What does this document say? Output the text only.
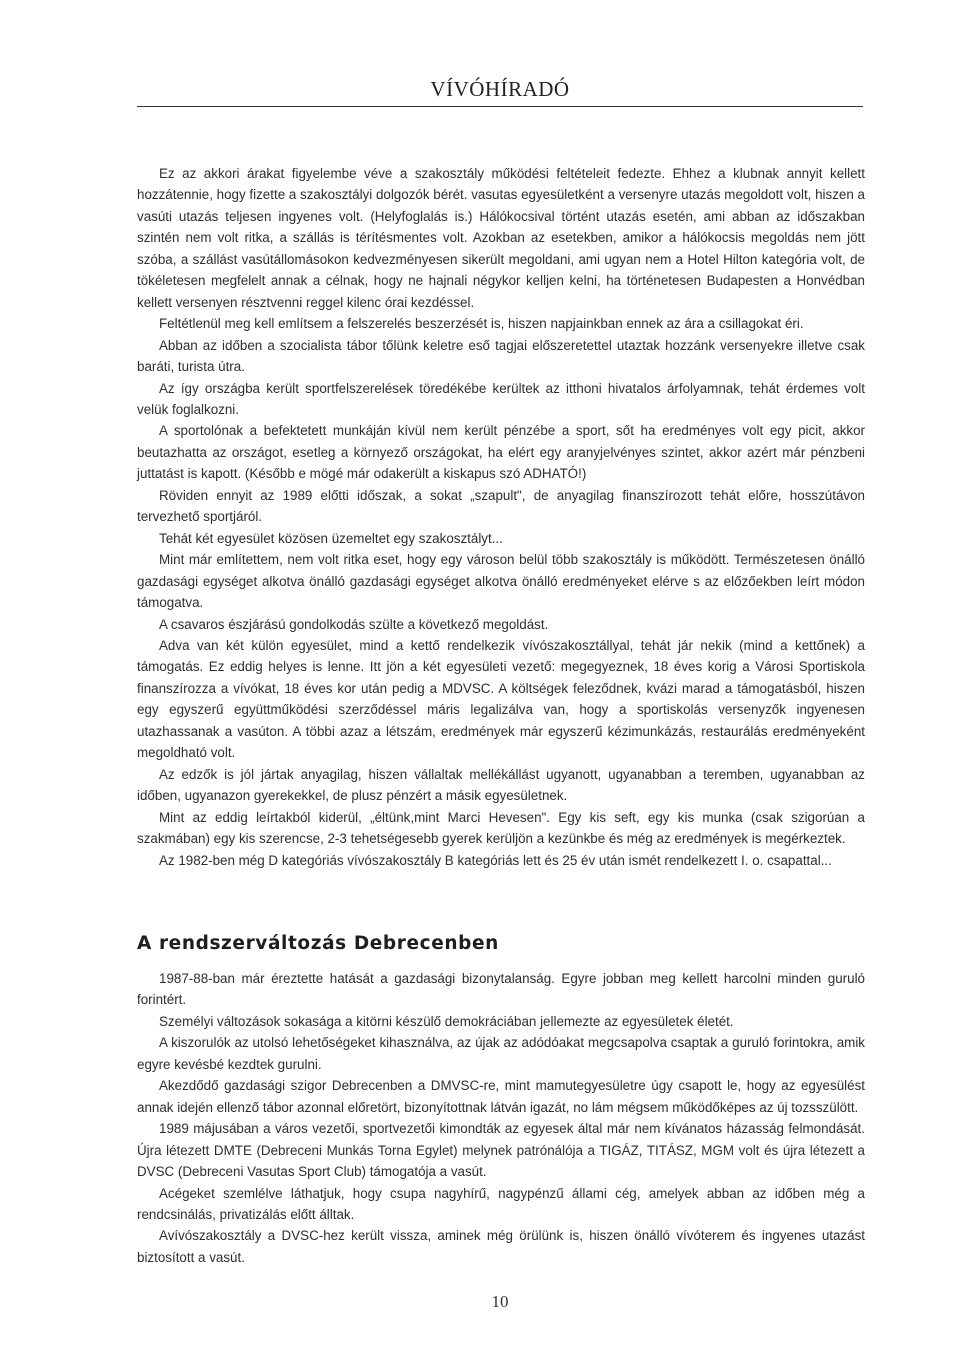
VÍVÓHÍRADÓ

Ez az akkori árakat figyelembe véve a szakosztály működési feltételeit fedezte. Ehhez a klubnak annyit kellett hozzátennie, hogy fizette a szakosztályi dolgozók bérét. vasutas egyesületként a versenyre utazás megoldott volt, hiszen a vasúti utazás teljesen ingyenes volt. (Helyfoglalás is.) Hálókocsival történt utazás esetén, ami abban az időszakban szintén nem volt ritka, a szállás is térítésmentes volt. Azokban az esetekben, amikor a hálókocsis megoldás nem jött szóba, a szállást vasútállomásokon kedvezményesen sikerült megoldani, ami ugyan nem a Hotel Hilton kategória volt, de tökéletesen megfelelt annak a célnak, hogy ne hajnali négykor kelljen kelni, ha történetesen Budapesten a Honvédban kellett versenyen résztvenni reggel kilenc órai kezdéssel.

Feltétlenül meg kell említsem a felszerelés beszerzését is, hiszen napjainkban ennek az ára a csillagokat éri.

Abban az időben a szocialista tábor tőlünk keletre eső tagjai előszeretettel utaztak hozzánk versenyekre illetve csak baráti, turista útra.

Az így országba került sportfelszerelések töredékébe kerültek az itthoni hivatalos árfolyamnak, tehát érdemes volt velük foglalkozni.

A sportolónak a befektetett munkáján kívül nem került pénzébe a sport, sőt ha eredményes volt egy picit, akkor beutazhatta az országot, esetleg a környező országokat, ha elért egy aranyjelvényes szintet, akkor azért már pénzbeni juttatást is kapott. (Később e mögé már odakerült a kiskapus szó ADHATÓ!)

Röviden ennyit az 1989 előtti időszak, a sokat „szapult", de anyagilag finanszírozott tehát előre, hosszútávon tervezhető sportjáról.

Tehát két egyesület közösen üzemeltet egy szakosztályt...

Mint már említettem, nem volt ritka eset, hogy egy városon belül több szakosztály is működött. Természetesen önálló gazdasági egységet alkotva önálló gazdasági egységet alkotva önálló eredményeket elérve s az előzőekben leírt módon támogatva.

A csavaros észjárású gondolkodás szülte a következő megoldást.

Adva van két külön egyesület, mind a kettő rendelkezik vívószakosztállyal, tehát jár nekik (mind a kettőnek) a támogatás. Ez eddig helyes is lenne. Itt jön a két egyesületi vezető: megegyeznek, 18 éves korig a Városi Sportiskola finanszírozza a vívókat, 18 éves kor után pedig a MDVSC. A költségek feleződnek, kvázi marad a támogatásból, hiszen egy egyszerű együttműködési szerződéssel máris legalizálva van, hogy a sportiskolás versenyzők ingyenesen utazhassanak a vasúton. A többi azaz a létszám, eredmények már egyszerű kézimunkázás, restaurálás eredményeként megoldható volt.

Az edzők is jól jártak anyagilag, hiszen vállaltak mellékállást ugyanott, ugyanabban a teremben, ugyanabban az időben, ugyanazon gyerekekkel, de plusz pénzért a másik egyesületnek.

Mint az eddig leírtakból kiderül, „éltünk,mint Marci Hevesen". Egy kis seft, egy kis munka (csak szigorúan a szakmában) egy kis szerencse, 2-3 tehetségesebb gyerek kerüljön a kezünkbe és még az eredmények is megérkeztek.

Az 1982-ben még D kategóriás vívószakosztály B kategóriás lett és 25 év után ismét rendelkezett I. o. csapattal...

A rendszerváltozás Debrecenben

1987-88-ban már éreztette hatását a gazdasági bizonytalanság. Egyre jobban meg kellett harcolni minden guruló forintért.

Személyi változások sokasága a kitörni készülő demokráciában jellemezte az egyesületek életét.

A kiszorulók az utolsó lehetőségeket kihasználva, az újak az adódóakat megcsapolva csaptak a guruló forintokra, amik egyre kevésbé kezdtek gurulni.

Akezdődő gazdasági szigor Debrecenben a DMVSC-re, mint mamutegyesületre úgy csapott le, hogy az egyesülést annak idején ellenző tábor azonnal előretört, bizonyítottnak látván igazát, no lám mégsem működőképes az új tozsszülött.

1989 májusában a város vezetői, sportvezetői kimondták az egyesek által már nem kívánatos házasság felmondását. Újra létezett DMTE (Debreceni Munkás Torna Egylet) melynek patrónálója a TIGÁZ, TITÁSZ, MGM volt és újra létezett a DVSC (Debreceni Vasutas Sport Club) támogatója a vasút.

Acégeket szemlélve láthatjuk, hogy csupa nagyhírű, nagypénzű állami cég, amelyek abban az időben még a rendcsinálás, privatizálás előtt álltak.

Avívószakosztály a DVSC-hez került vissza, aminek még örülünk is, hiszen önálló vívóterem és ingyenes utazást biztosított a vasút.

10
